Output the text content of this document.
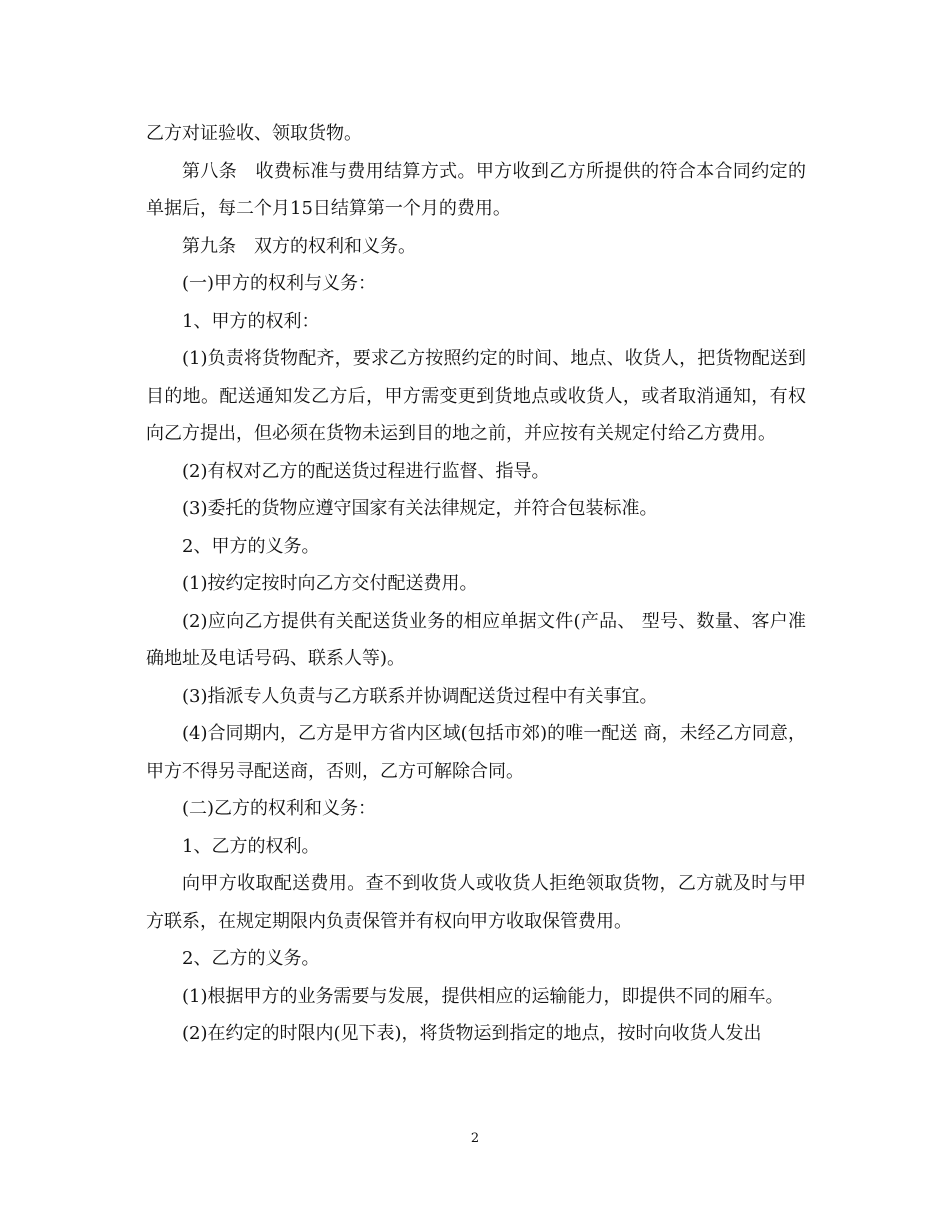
乙方对证验收、领取货物。

第八条　收费标准与费用结算方式。甲方收到乙方所提供的符合本合同约定的单据后，每二个月15日结算第一个月的费用。

第九条　双方的权利和义务。

(一)甲方的权利与义务：

1、甲方的权利：

(1)负责将货物配齐，要求乙方按照约定的时间、地点、收货人，把货物配送到目的地。配送通知发乙方后，甲方需变更到货地点或收货人，或者取消通知，有权向乙方提出，但必须在货物未运到目的地之前，并应按有关规定付给乙方费用。

(2)有权对乙方的配送货过程进行监督、指导。

(3)委托的货物应遵守国家有关法律规定，并符合包装标准。

2、甲方的义务。

(1)按约定按时向乙方交付配送费用。

(2)应向乙方提供有关配送货业务的相应单据文件(产品、 型号、数量、客户准确地址及电话号码、联系人等)。

(3)指派专人负责与乙方联系并协调配送货过程中有关事宜。

(4)合同期内，乙方是甲方省内区域(包括市郊)的唯一配送 商，未经乙方同意，甲方不得另寻配送商，否则，乙方可解除合同。

(二)乙方的权利和义务：

1、乙方的权利。

向甲方收取配送费用。查不到收货人或收货人拒绝领取货物，乙方就及时与甲方联系，在规定期限内负责保管并有权向甲方收取保管费用。

2、乙方的义务。

(1)根据甲方的业务需要与发展，提供相应的运输能力，即提供不同的厢车。

(2)在约定的时限内(见下表)，将货物运到指定的地点，按时向收货人发出

2
